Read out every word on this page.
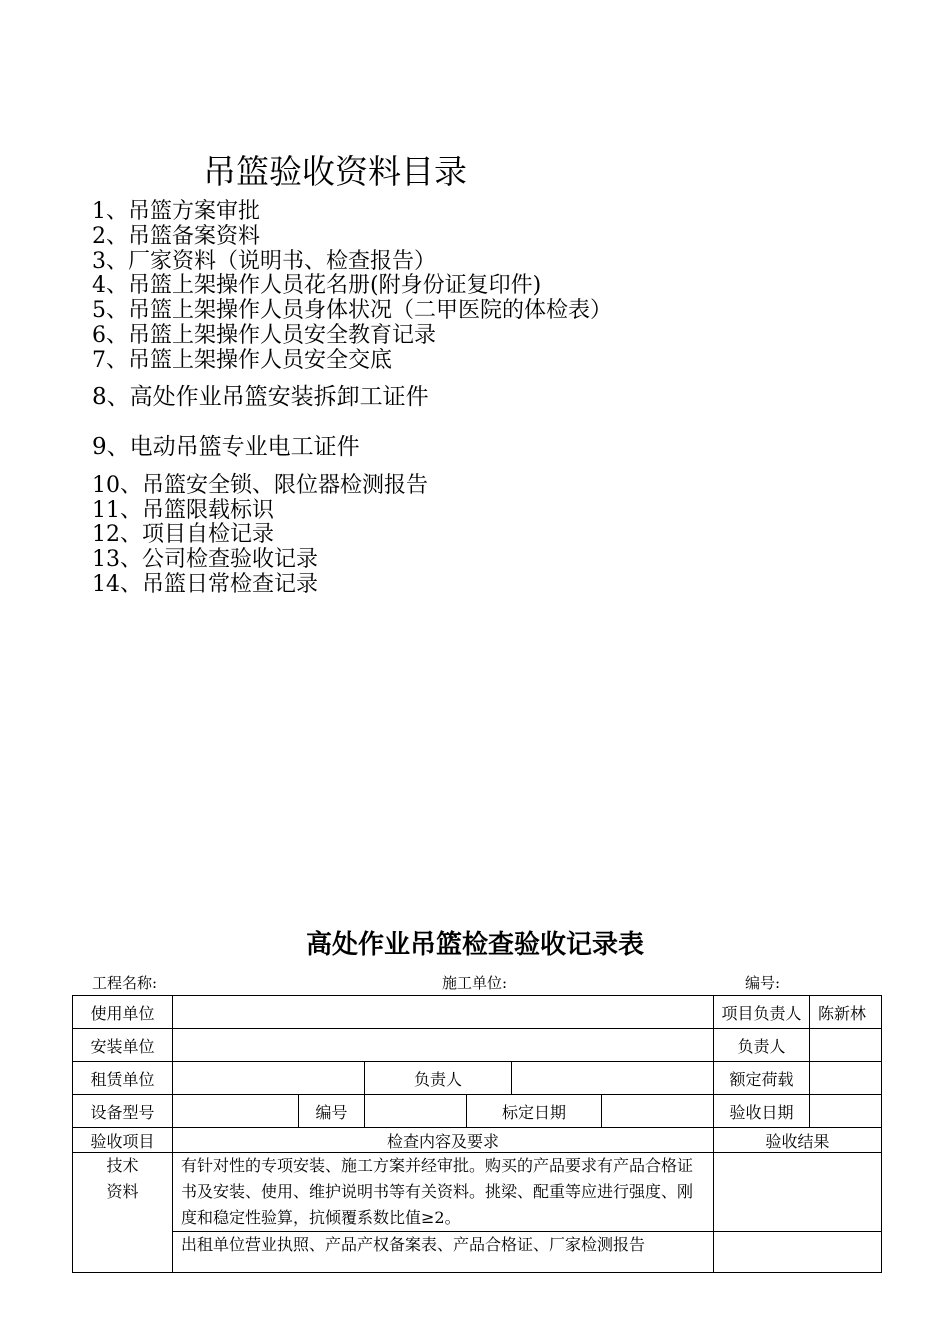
吊篮验收资料目录
1、吊篮方案审批
2、吊篮备案资料
3、厂家资料（说明书、检查报告）
4、吊篮上架操作人员花名册(附身份证复印件)
5、吊篮上架操作人员身体状况（二甲医院的体检表）
6、吊篮上架操作人员安全教育记录
7、吊篮上架操作人员安全交底
8、高处作业吊篮安装拆卸工证件
9、电动吊篮专业电工证件
10、吊篮安全锁、限位器检测报告
11、吊篮限载标识
12、项目自检记录
13、公司检查验收记录
14、吊篮日常检查记录
高处作业吊篮检查验收记录表
工程名称:	施工单位:	编号:
使用单位							项目负责人	陈新林
安装单位							负责人	
租赁单位			负责人				额定荷载	
设备型号		编号		标定日期			验收日期	
验收项目	检查内容及要求						验收结果	
技术
资料	有针对性的专项安装、施工方案并经审批。购买的产品要求有产品合格证书及安装、使用、维护说明书等有关资料。挑梁、配重等应进行强度、刚度和稳定性验算，抗倾覆系数比值≥2。							
	出租单位营业执照、产品产权备案表、产品合格证、厂家检测报告							
